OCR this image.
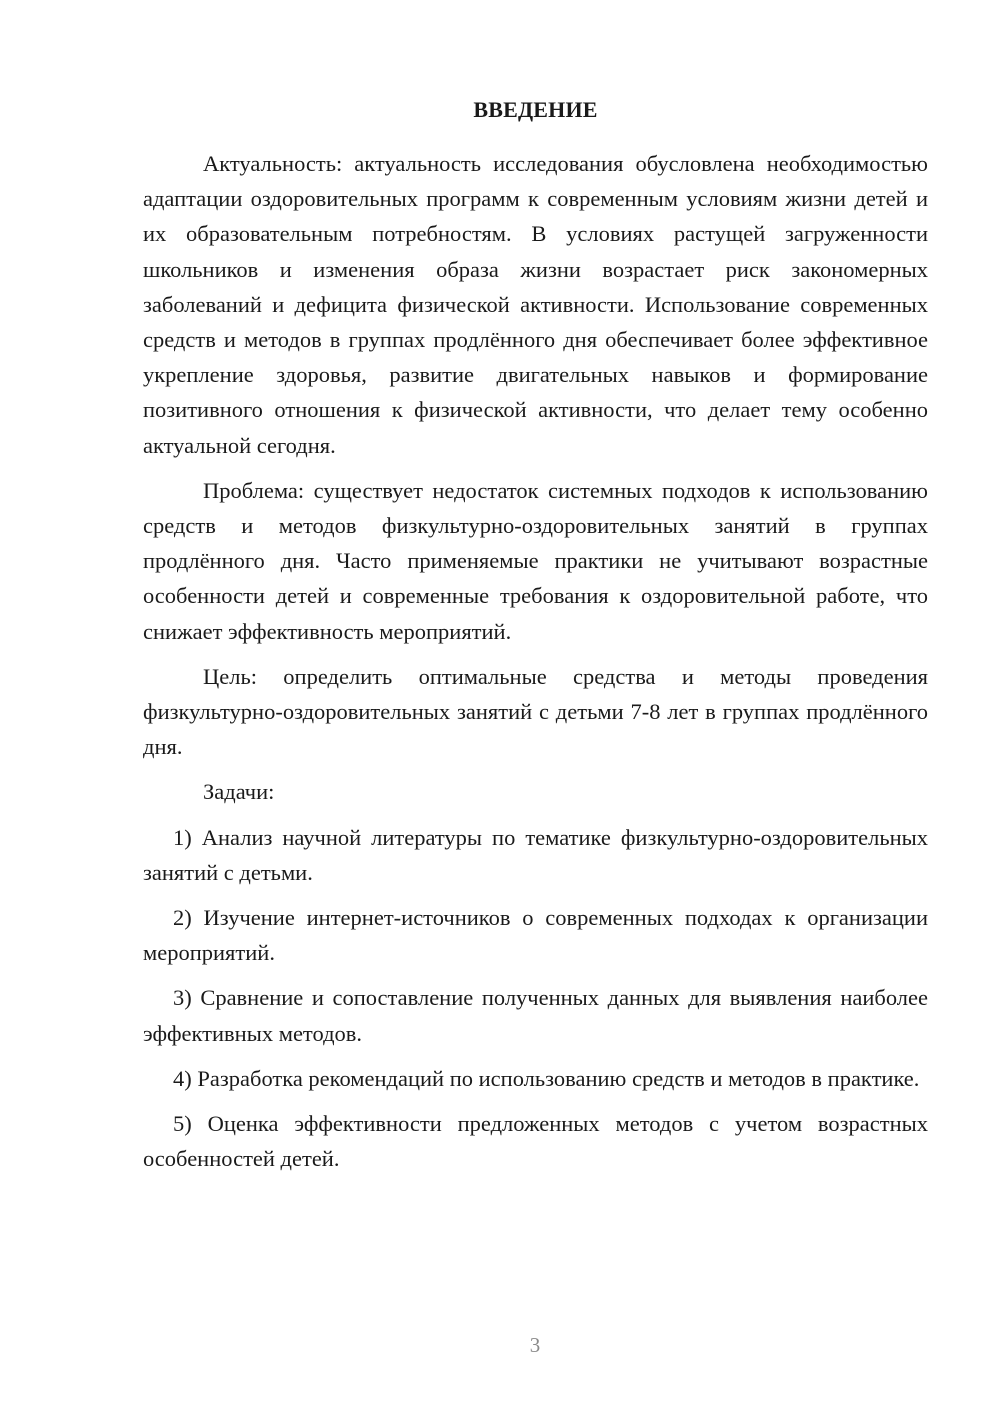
ВВЕДЕНИЕ

Актуальность: актуальность исследования обусловлена необходимостью адаптации оздоровительных программ к современным условиям жизни детей и их образовательным потребностям. В условиях растущей загруженности школьников и изменения образа жизни возрастает риск закономерных заболеваний и дефицита физической активности. Использование современных средств и методов в группах продлённого дня обеспечивает более эффективное укрепление здоровья, развитие двигательных навыков и формирование позитивного отношения к физической активности, что делает тему особенно актуальной сегодня.

Проблема: существует недостаток системных подходов к использованию средств и методов физкультурно-оздоровительных занятий в группах продлённого дня. Часто применяемые практики не учитывают возрастные особенности детей и современные требования к оздоровительной работе, что снижает эффективность мероприятий.

Цель: определить оптимальные средства и методы проведения физкультурно-оздоровительных занятий с детьми 7-8 лет в группах продлённого дня.

Задачи:

1) Анализ научной литературы по тематике физкультурно-оздоровительных занятий с детьми.

2) Изучение интернет-источников о современных подходах к организации мероприятий.

3) Сравнение и сопоставление полученных данных для выявления наиболее эффективных методов.

4) Разработка рекомендаций по использованию средств и методов в практике.

5) Оценка эффективности предложенных методов с учетом возрастных особенностей детей.

3
